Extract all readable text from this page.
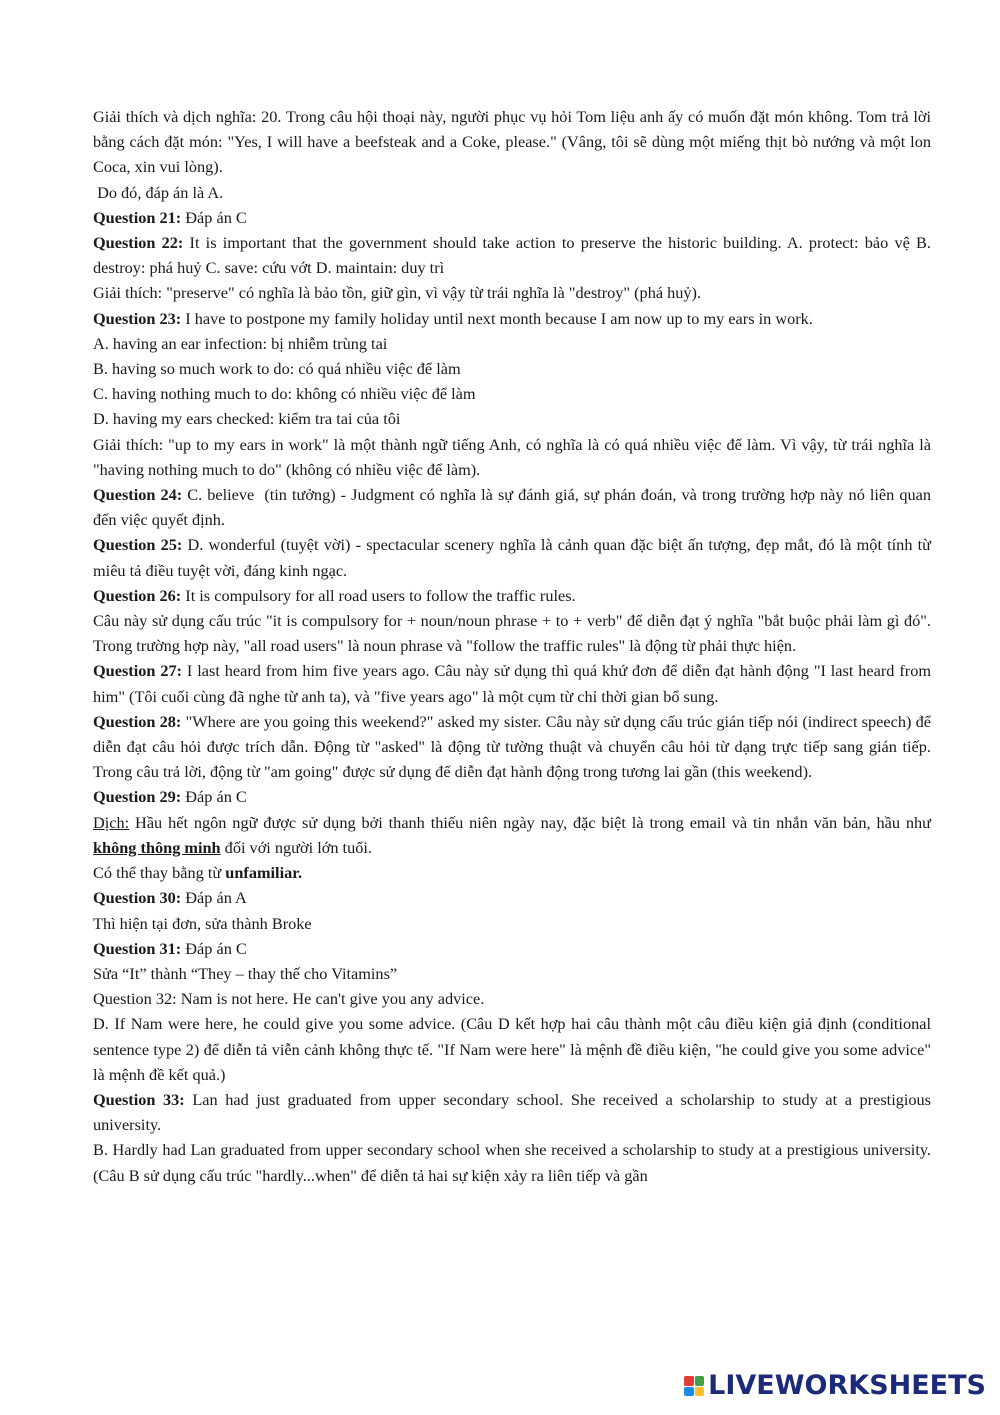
Giải thích và dịch nghĩa: 20. Trong câu hội thoại này, người phục vụ hỏi Tom liệu anh ấy có muốn đặt món không. Tom trả lời bằng cách đặt món: "Yes, I will have a beefsteak and a Coke, please." (Vâng, tôi sẽ dùng một miếng thịt bò nướng và một lon Coca, xin vui lòng).

Do đó, đáp án là A.

Question 21: Đáp án C

Question 22: It is important that the government should take action to preserve the historic building. A. protect: bảo vệ B. destroy: phá huỷ C. save: cứu vớt D. maintain: duy trì

Giải thích: "preserve" có nghĩa là bảo tồn, giữ gìn, vì vậy từ trái nghĩa là "destroy" (phá huỷ).

Question 23: I have to postpone my family holiday until next month because I am now up to my ears in work.

A. having an ear infection: bị nhiễm trùng tai

B. having so much work to do: có quá nhiều việc để làm

C. having nothing much to do: không có nhiều việc để làm

D. having my ears checked: kiểm tra tai của tôi

Giải thích: "up to my ears in work" là một thành ngữ tiếng Anh, có nghĩa là có quá nhiều việc để làm. Vì vậy, từ trái nghĩa là "having nothing much to do" (không có nhiều việc để làm).

Question 24: C. believe  (tin tưởng) - Judgment có nghĩa là sự đánh giá, sự phán đoán, và trong trường hợp này nó liên quan đến việc quyết định.

Question 25: D. wonderful (tuyệt vời) - spectacular scenery nghĩa là cảnh quan đặc biệt ấn tượng, đẹp mắt, đó là một tính từ miêu tả điều tuyệt vời, đáng kinh ngạc.

Question 26: It is compulsory for all road users to follow the traffic rules.

Câu này sử dụng cấu trúc "it is compulsory for + noun/noun phrase + to + verb" để diễn đạt ý nghĩa "bắt buộc phải làm gì đó". Trong trường hợp này, "all road users" là noun phrase và "follow the traffic rules" là động từ phải thực hiện.

Question 27: I last heard from him five years ago. Câu này sử dụng thì quá khứ đơn để diễn đạt hành động "I last heard from him" (Tôi cuối cùng đã nghe từ anh ta), và "five years ago" là một cụm từ chỉ thời gian bổ sung.

Question 28: "Where are you going this weekend?" asked my sister. Câu này sử dụng cấu trúc gián tiếp nói (indirect speech) để diễn đạt câu hỏi được trích dẫn. Động từ "asked" là động từ tường thuật và chuyển câu hỏi từ dạng trực tiếp sang gián tiếp. Trong câu trả lời, động từ "am going" được sử dụng để diễn đạt hành động trong tương lai gần (this weekend).

Question 29: Đáp án C

Dịch: Hầu hết ngôn ngữ được sử dụng bởi thanh thiếu niên ngày nay, đặc biệt là trong email và tin nhắn văn bản, hầu như không thông minh đối với người lớn tuổi.

Có thể thay bằng từ unfamiliar.

Question 30: Đáp án A

Thì hiện tại đơn, sửa thành Broke

Question 31: Đáp án C

Sửa “It” thành “They – thay thế cho Vitamins”

Question 32: Nam is not here. He can't give you any advice.

D. If Nam were here, he could give you some advice. (Câu D kết hợp hai câu thành một câu điều kiện giả định (conditional sentence type 2) để diễn tả viễn cảnh không thực tế. "If Nam were here" là mệnh đề điều kiện, "he could give you some advice" là mệnh đề kết quả.)

Question 33: Lan had just graduated from upper secondary school. She received a scholarship to study at a prestigious university.

B. Hardly had Lan graduated from upper secondary school when she received a scholarship to study at a prestigious university. (Câu B sử dụng cấu trúc "hardly...when" để diễn tả hai sự kiện xảy ra liên tiếp và gần

LIVEWORKSHEETS
